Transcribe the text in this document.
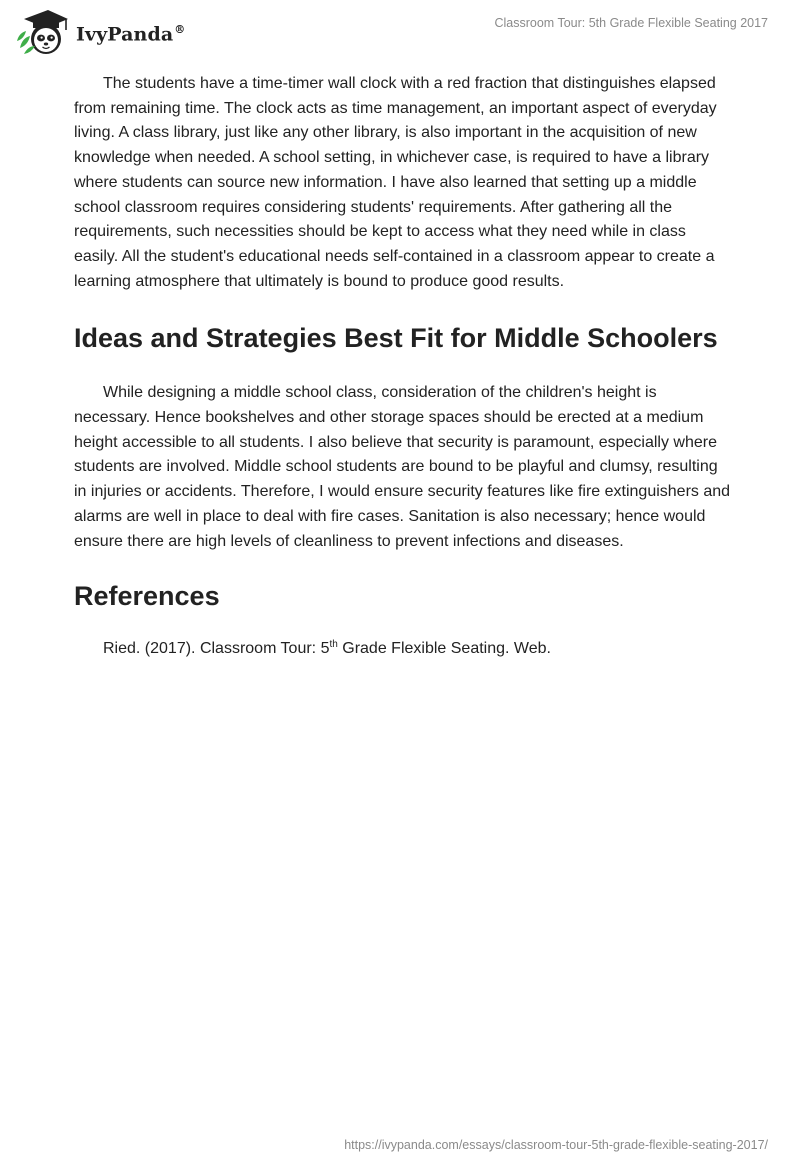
IvyPanda®	Classroom Tour: 5th Grade Flexible Seating 2017

The students have a time-timer wall clock with a red fraction that distinguishes elapsed from remaining time. The clock acts as time management, an important aspect of everyday living. A class library, just like any other library, is also important in the acquisition of new knowledge when needed. A school setting, in whichever case, is required to have a library where students can source new information. I have also learned that setting up a middle school classroom requires considering students' requirements. After gathering all the requirements, such necessities should be kept to access what they need while in class easily. All the student's educational needs self-contained in a classroom appear to create a learning atmosphere that ultimately is bound to produce good results.

Ideas and Strategies Best Fit for Middle Schoolers

While designing a middle school class, consideration of the children's height is necessary. Hence bookshelves and other storage spaces should be erected at a medium height accessible to all students. I also believe that security is paramount, especially where students are involved. Middle school students are bound to be playful and clumsy, resulting in injuries or accidents. Therefore, I would ensure security features like fire extinguishers and alarms are well in place to deal with fire cases. Sanitation is also necessary; hence would ensure there are high levels of cleanliness to prevent infections and diseases.

References

Ried. (2017). Classroom Tour: 5th Grade Flexible Seating. Web.

https://ivypanda.com/essays/classroom-tour-5th-grade-flexible-seating-2017/
